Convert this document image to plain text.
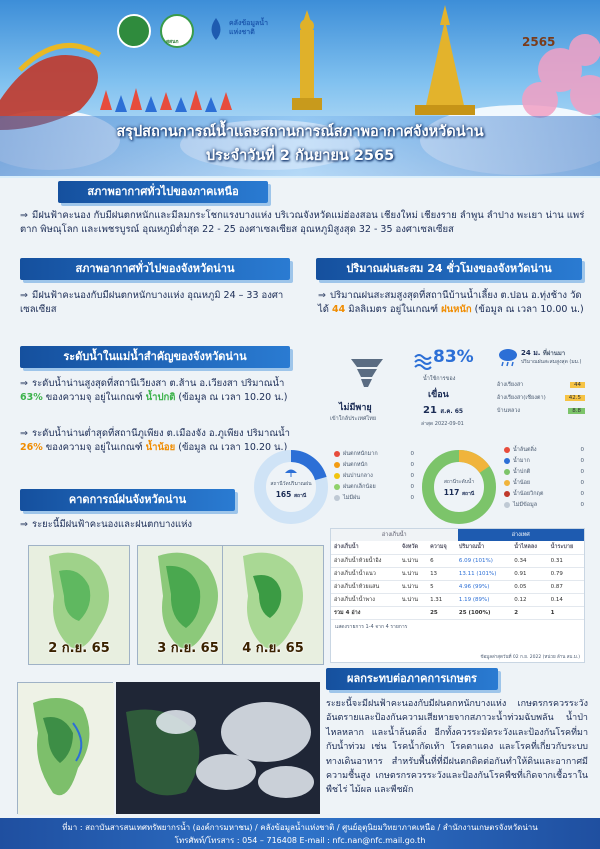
สสนก
คลังข้อมูลน้ำแห่งชาติ
2565
สรุปสถานการณ์น้ำและสถานการณ์สภาพอากาศจังหวัดน่าน
ประจำวันที่ 2 กันยายน 2565
สภาพอากาศทั่วไปของภาคเหนือ
⇒ มีฝนฟ้าคะนอง กับมีฝนตกหนักและมีลมกระโชกแรงบางแห่ง บริเวณจังหวัดแม่ฮ่องสอน เชียงใหม่ เชียงราย ลำพูน ลำปาง พะเยา น่าน แพร่ ตาก พิษณุโลก และเพชรบูรณ์ อุณหภูมิต่ำสุด 22 - 25 องศาเซลเซียส อุณหภูมิสูงสุด 32 - 35 องศาเซลเซียส
สภาพอากาศทั่วไปของจังหวัดน่าน
⇒ มีฝนฟ้าคะนองกับมีฝนตกหนักบางแห่ง อุณหภูมิ 24 – 33 องศาเซลเซียส
ปริมาณฝนสะสม 24 ชั่วโมงของจังหวัดน่าน
⇒ ปริมาณฝนสะสมสูงสุดที่สถานีบ้านน้ำเลี้ยง ต.ปอน อ.ทุ่งช้าง วัดได้ 44 มิลลิเมตร อยู่ในเกณฑ์ ฝนหนัก (ข้อมูล ณ เวลา 10.00 น.)
ระดับน้ำในแม่น้ำสำคัญของจังหวัดน่าน
⇒ ระดับน้ำน่านสูงสุดที่สถานีเวียงสา ต.ส้าน อ.เวียงสา ปริมาณน้ำ 63% ของความจุ อยู่ในเกณฑ์ น้ำปกติ (ข้อมูล ณ เวลา 10.20 น.)
⇒ ระดับน้ำน่านต่ำสุดที่สถานีภูเพียง ต.เมืองจัง อ.ภูเพียง ปริมาณน้ำ 26% ของความจุ อยู่ในเกณฑ์ น้ำน้อย (ข้อมูล ณ เวลา 10.20 น.)
คาดการณ์ฝนจังหวัดน่าน
⇒ ระยะนี้มีฝนฟ้าคะนองและฝนตกบางแห่ง
2 ก.ย. 65	3 ก.ย. 65	4 ก.ย. 65
ไม่มีพายุ
เข้าใกล้ประเทศไทย
83%
น้ำใช้การของ
เขื่อน
21 ส.ค. 65
ล่าสุด 2022-09-01
24 ม. ที่ผ่านมา
ปริมาณฝนสะสมสูงสุด (มม.)
อ้างเรียงสา	44
อ้างเรียงสา(เชียงตา)	42.5
บ้านหลวง	8.8
สถานีวัดปริมาณฝน
165 สถานี
ฝนตกหนักมาก	0
ฝนตกหนัก	0
ฝนปานกลาง	0
ฝนตกเล็กน้อย	0
ไม่มีฝน	0
สถานีระดับน้ำ
117 สถานี
น้ำล้นตลิ่ง	0
น้ำมาก	0
น้ำปกติ	0
น้ำน้อย	0
น้ำน้อยวิกฤต	0
ไม่มีข้อมูล	0
อ่างเก็บน้ำ	อ่างเทศ
อ่างเก็บน้ำ	จังหวัด	ความจุ	ปริมาณน้ำ	น้ำไหลลง	น้ำระบาย
อ่างเก็บน้ำห้วยน้ำอิง	น.น่าน	6	6.09 (101%)	0.34	0.31
อ่างเก็บน้ำน้ำแนว	น.น่าน	13	13.11 (101%)	0.91	0.79
อ่างเก็บน้ำห้วยแสน	น.น่าน	5	4.96 (99%)	0.05	0.87
อ่างเก็บน้ำน้ำพาง	น.น่าน	1.31	1.19 (89%)	0.12	0.14
รวม 4 อ่าง		25	25 (100%)	2	1
แสดงรายการ 1-4 จาก 4 รายการ
ข้อมูลล่าสุดวันที่ 02 ก.ย. 2022 (หน่วย ล้าน ลบ.ม.)
ผลกระทบต่อภาคการเกษตร
ระยะนี้จะมีฝนฟ้าคะนองกับมีฝนตกหนักบางแห่ง เกษตรกรควรระวังอันตรายและป้องกันความเสียหายจากสภาวะน้ำท่วมฉับพลัน น้ำป่าไหลหลาก และน้ำล้นตลิ่ง อีกทั้งควรระมัดระวังและป้องกันโรคที่มากับน้ำท่วม เช่น โรคน้ำกัดเท้า โรคตาแดง และโรคที่เกี่ยวกับระบบทางเดินอาหาร สำหรับพื้นที่ที่มีฝนตกติดต่อกันทำให้ดินและอากาศมีความชื้นสูง เกษตรกรควรระวังและป้องกันโรคพืชที่เกิดจากเชื้อราในพืชไร่ ไม้ผล และพืชผัก
ที่มา : สถาบันสารสนเทศทรัพยากรน้ำ (องค์การมหาชน) / คลังข้อมูลน้ำแห่งชาติ / ศูนย์อุตุนิยมวิทยาภาคเหนือ / สำนักงานเกษตรจังหวัดน่าน
โทรศัพท์/โทรสาร : 054 – 716408 E-mail : nfc.nan@nfc.mail.go.th
